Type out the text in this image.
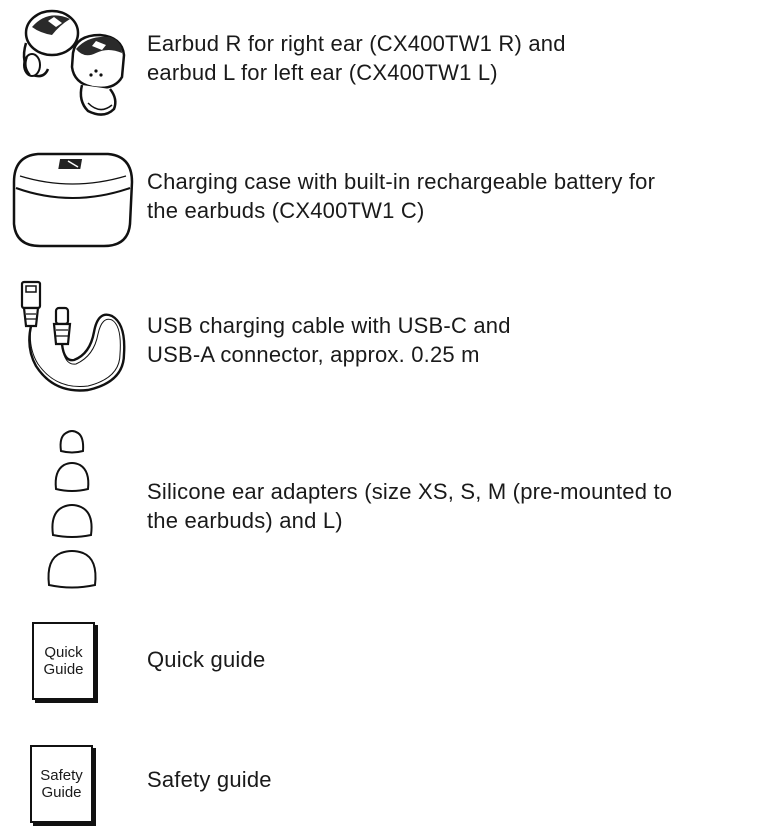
Earbud R for right ear (CX400TW1 R) and
earbud L for left ear (CX400TW1 L)
Charging case with built-in rechargeable battery for
the earbuds (CX400TW1 C)
USB charging cable with USB-C and
USB-A connector, approx. 0.25 m
Silicone ear adapters (size XS, S, M (pre-mounted to
the earbuds) and L)
Quick
Guide	Quick guide
Safety
Guide
Safety guide
